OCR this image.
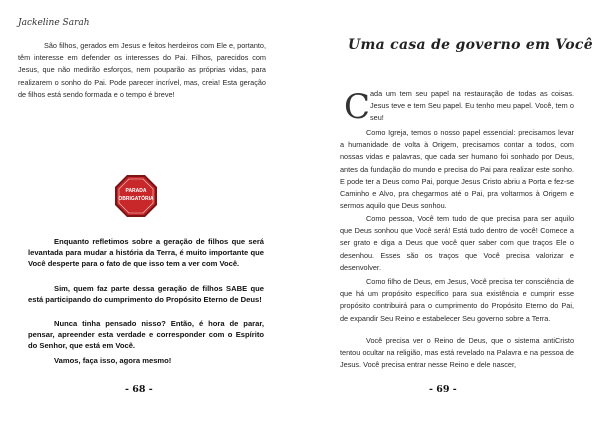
Jackeline Sarah

São filhos, gerados em Jesus e feitos herdeiros com Ele e, portanto, têm interesse em defender os interesses do Pai. Filhos, parecidos com Jesus, que não medirão esforços, nem pouparão as próprias vidas, para realizarem o sonho do Pai. Pode parecer incrível, mas, creia! Esta geração de filhos está sendo formada e o tempo é breve!

PARADA
OBRIGATÓRIA

Enquanto refletimos sobre a geração de filhos que será levantada para mudar a história da Terra, é muito importante que Você desperte para o fato de que isso tem a ver com Você.

Sim, quem faz parte dessa geração de filhos SABE que está participando do cumprimento do Propósito Eterno de Deus!

Nunca tinha pensado nisso? Então, é hora de parar, pensar, apreender esta verdade e corresponder com o Espírito do Senhor, que está em Você.

Vamos, faça isso, agora mesmo!

- 68 -
Uma casa de governo em Você
C ada um tem seu papel na restauração de todas as coisas. Jesus teve e tem Seu papel. Eu tenho meu papel. Você, tem o seu!

Como Igreja, temos o nosso papel essencial: precisamos levar a humanidade de volta à Origem, precisamos contar a todos, com nossas vidas e palavras, que cada ser humano foi sonhado por Deus, antes da fundação do mundo e precisa do Pai para realizar este sonho. E pode ter a Deus como Pai, porque Jesus Cristo abriu a Porta e fez-se Caminho e Alvo, pra chegarmos até o Pai, pra voltarmos à Origem e sermos aquilo que Deus sonhou.

Como pessoa, Você tem tudo de que precisa para ser aquilo que Deus sonhou que Você será! Está tudo dentro de você! Comece a ser grato e diga a Deus que você quer saber com que traços Ele o desenhou. Esses são os traços que Você precisa valorizar e desenvolver.

Como filho de Deus, em Jesus, Você precisa ter consciência de que há um propósito específico para sua existência e cumprir esse propósito contribuirá para o cumprimento do Propósito Eterno do Pai, de expandir Seu Reino e estabelecer Seu governo sobre a Terra.

Você precisa ver o Reino de Deus, que o sistema antiCristo tentou ocultar na religião, mas está revelado na Palavra e na pessoa de Jesus. Você precisa entrar nesse Reino e dele nascer,

- 69 -
